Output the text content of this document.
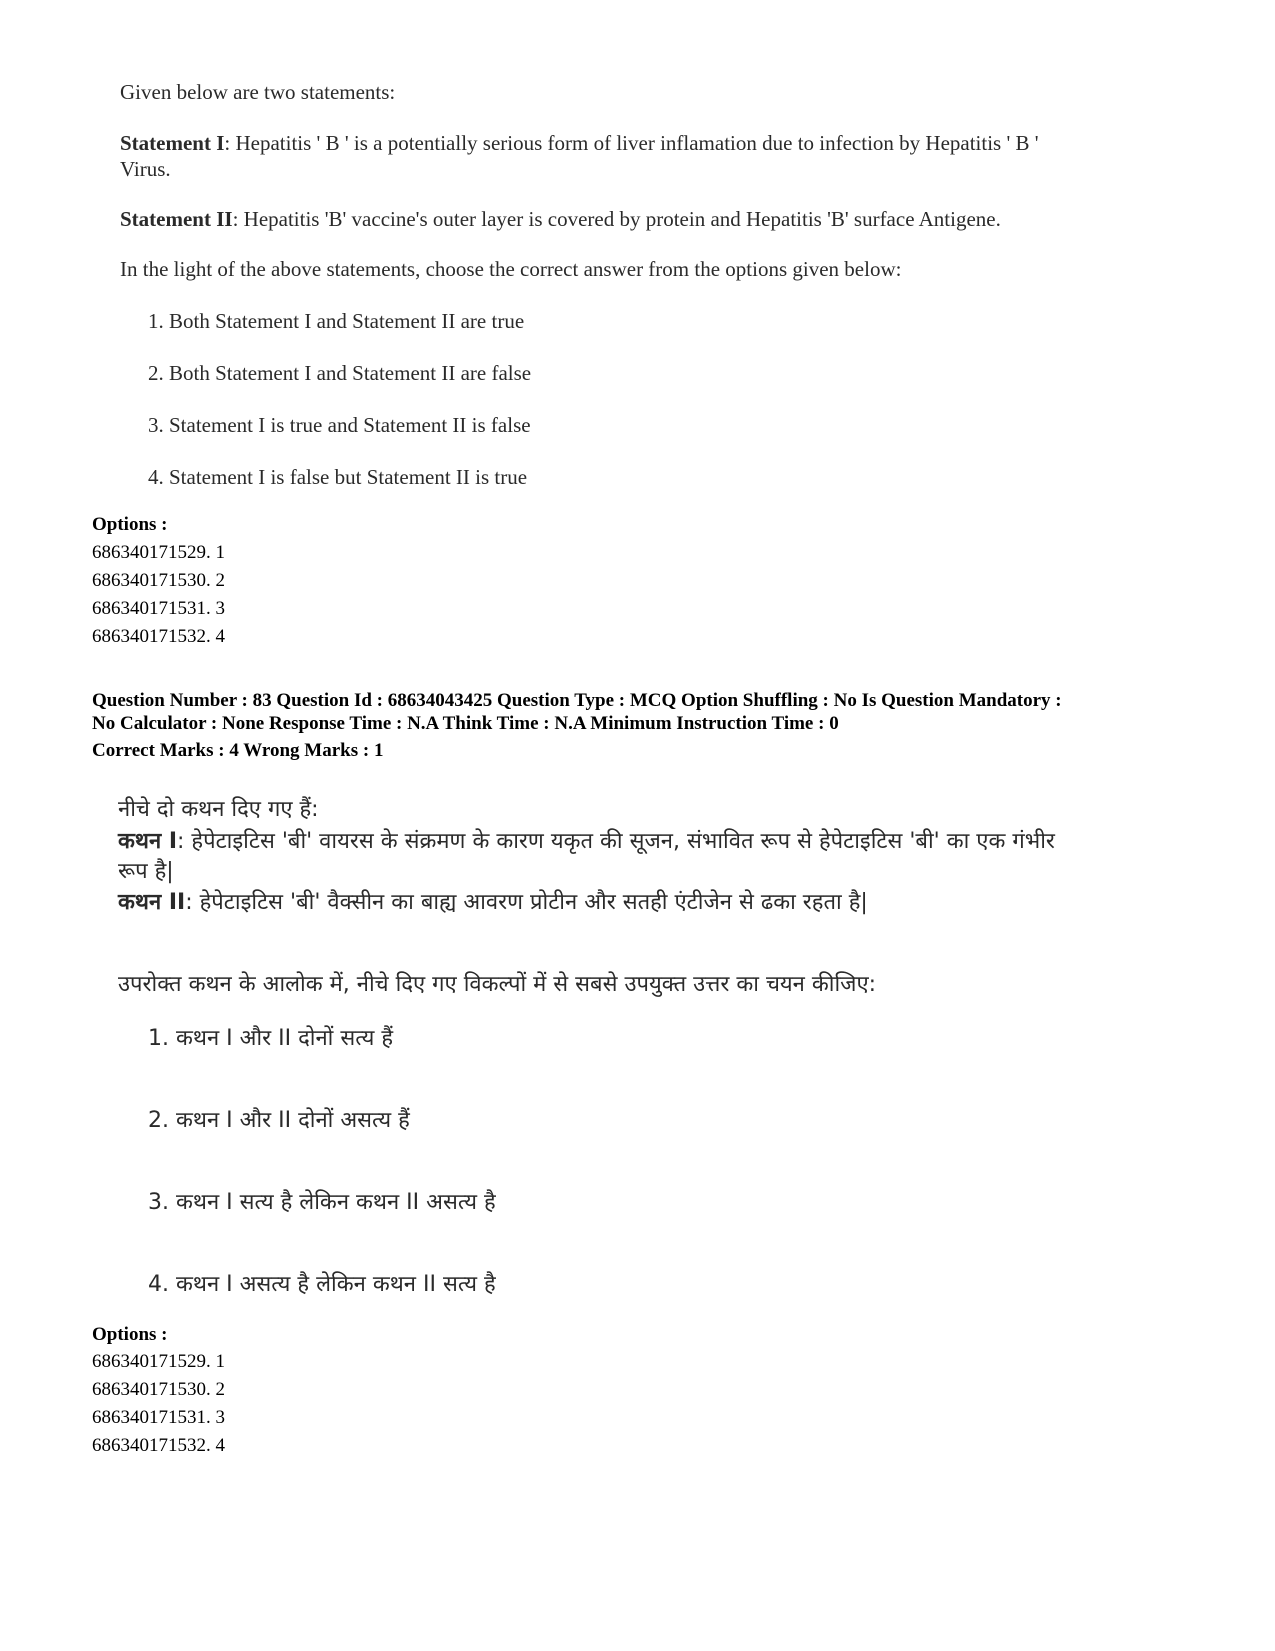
Given below are two statements:
Statement I: Hepatitis ' B ' is a potentially serious form of liver inflamation due to infection by Hepatitis ' B '
Virus.
Statement II: Hepatitis 'B' vaccine's outer layer is covered by protein and Hepatitis 'B' surface Antigene.
In the light of the above statements, choose the correct answer from the options given below:
1. Both Statement I and Statement II are true
2. Both Statement I and Statement II are false
3. Statement I is true and Statement II is false
4. Statement I is false but Statement II is true
Options :
686340171529. 1
686340171530. 2
686340171531. 3
686340171532. 4
Question Number : 83 Question Id : 68634043425 Question Type : MCQ Option Shuffling : No Is Question Mandatory :
No Calculator : None Response Time : N.A Think Time : N.A Minimum Instruction Time : 0
Correct Marks : 4 Wrong Marks : 1
नीचे दो कथन दिए गए हैं:
कथन I: हेपेटाइटिस 'बी' वायरस के संक्रमण के कारण यकृत की सूजन, संभावित रूप से हेपेटाइटिस 'बी' का एक गंभीर
रूप है|
कथन II: हेपेटाइटिस 'बी' वैक्सीन का बाह्य आवरण प्रोटीन और सतही एंटीजेन से ढका रहता है|
उपरोक्त कथन के आलोक में, नीचे दिए गए विकल्पों में से सबसे उपयुक्त उत्तर का चयन कीजिए:
1. कथन I और II दोनों सत्य हैं
2. कथन I और II दोनों असत्य हैं
3. कथन I सत्य है लेकिन कथन II असत्य है
4. कथन I असत्य है लेकिन कथन II सत्य है
Options :
686340171529. 1
686340171530. 2
686340171531. 3
686340171532. 4
